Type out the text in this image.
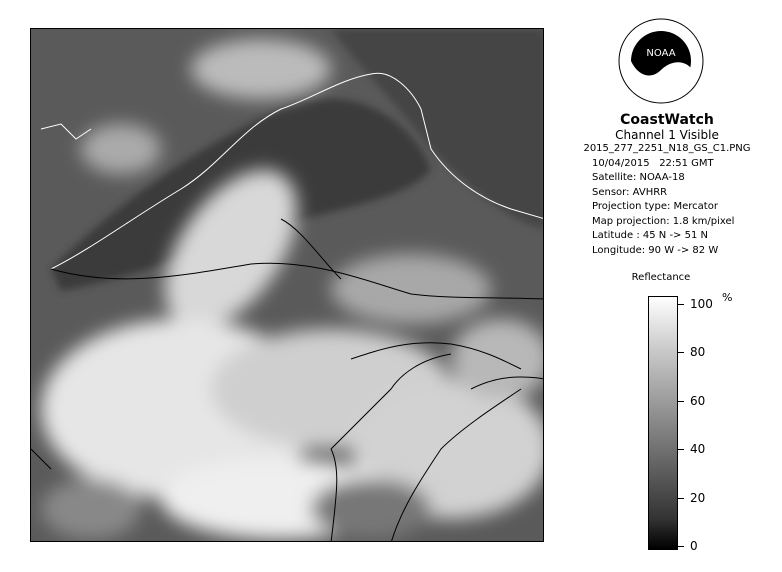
NOAA
CoastWatch
Channel 1 Visible
2015_277_2251_N18_GS_C1.PNG
10/04/2015 22:51 GMT
Satellite: NOAA-18
Sensor: AVHRR
Projection type: Mercator
Map projection: 1.8 km/pixel
Latitude : 45 N -> 51 N
Longitude: 90 W -> 82 W
Reflectance
%
100
80
60
40
20
0
